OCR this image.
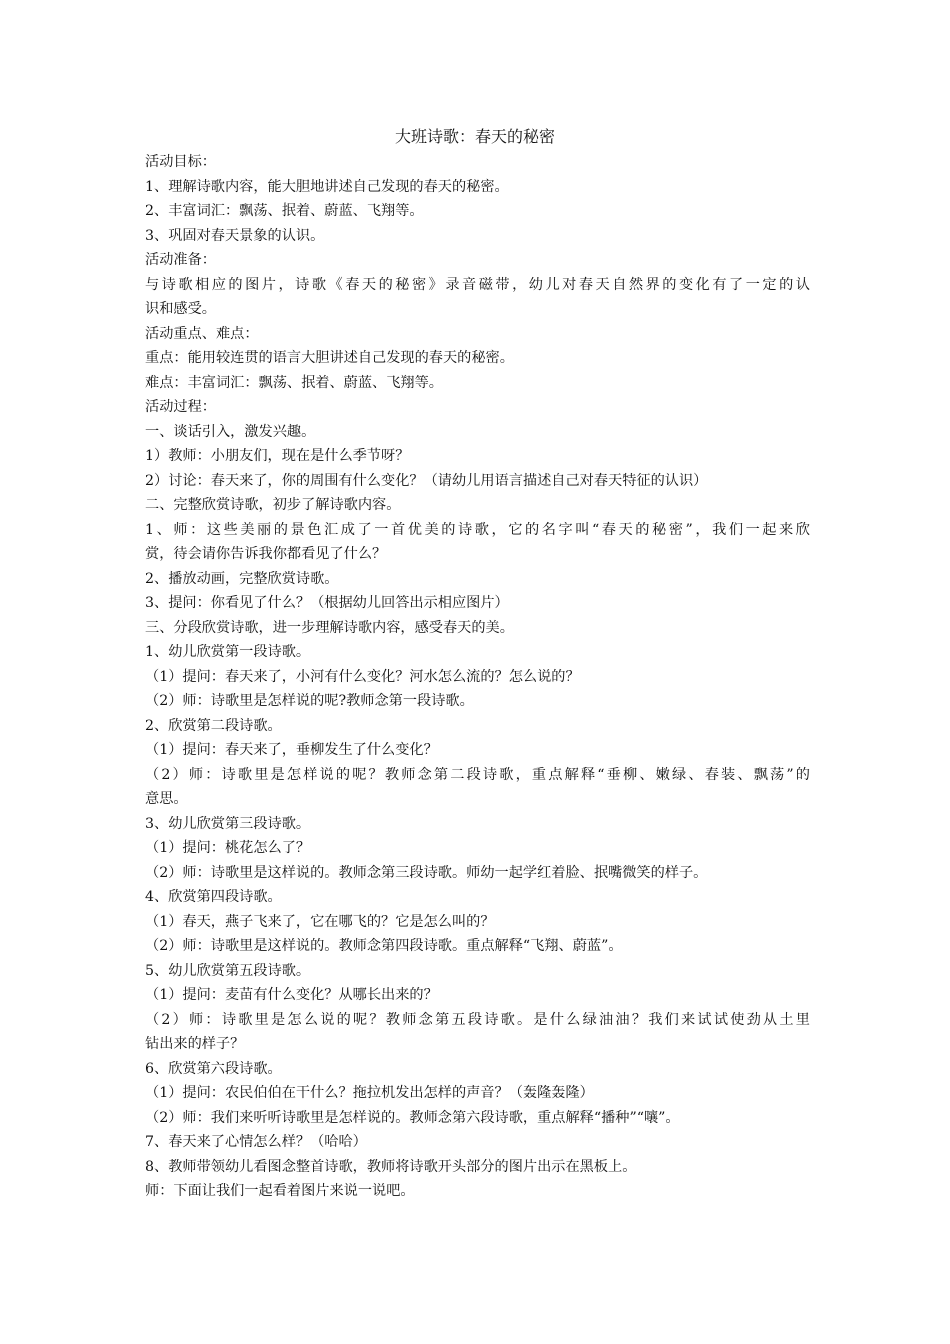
大班诗歌：春天的秘密
活动目标：
1、理解诗歌内容，能大胆地讲述自己发现的春天的秘密。
2、丰富词汇：飘荡、抿着、蔚蓝、飞翔等。
3、巩固对春天景象的认识。
活动准备：
与诗歌相应的图片，诗歌《春天的秘密》录音磁带，幼儿对春天自然界的变化有了一定的认
识和感受。
活动重点、难点：
重点：能用较连贯的语言大胆讲述自己发现的春天的秘密。
难点：丰富词汇：飘荡、抿着、蔚蓝、飞翔等。
活动过程：
一、谈话引入，激发兴趣。
1）教师：小朋友们，现在是什么季节呀？
2）讨论：春天来了，你的周围有什么变化？（请幼儿用语言描述自己对春天特征的认识）
二、完整欣赏诗歌，初步了解诗歌内容。
1、师：这些美丽的景色汇成了一首优美的诗歌，它的名字叫“春天的秘密”，我们一起来欣
赏，待会请你告诉我你都看见了什么？
2、播放动画，完整欣赏诗歌。
3、提问：你看见了什么？（根据幼儿回答出示相应图片）
三、分段欣赏诗歌，进一步理解诗歌内容，感受春天的美。
1、幼儿欣赏第一段诗歌。
（1）提问：春天来了，小河有什么变化？河水怎么流的？怎么说的？
（2）师：诗歌里是怎样说的呢?教师念第一段诗歌。
2、欣赏第二段诗歌。
（1）提问：春天来了，垂柳发生了什么变化？
（2）师：诗歌里是怎样说的呢？教师念第二段诗歌，重点解释“垂柳、嫩绿、春装、飘荡”的
意思。
3、幼儿欣赏第三段诗歌。
（1）提问：桃花怎么了？
（2）师：诗歌里是这样说的。教师念第三段诗歌。师幼一起学红着脸、抿嘴微笑的样子。
4、欣赏第四段诗歌。
（1）春天，燕子飞来了，它在哪飞的？它是怎么叫的？
（2）师：诗歌里是这样说的。教师念第四段诗歌。重点解释“飞翔、蔚蓝”。
5、幼儿欣赏第五段诗歌。
（1）提问：麦苗有什么变化？从哪长出来的？
（2）师：诗歌里是怎么说的呢？教师念第五段诗歌。是什么绿油油？我们来试试使劲从土里
钻出来的样子？
6、欣赏第六段诗歌。
（1）提问：农民伯伯在干什么？拖拉机发出怎样的声音？（轰隆轰隆）
（2）师：我们来听听诗歌里是怎样说的。教师念第六段诗歌，重点解释“播种”“嚷”。
7、春天来了心情怎么样？（哈哈）
8、教师带领幼儿看图念整首诗歌，教师将诗歌开头部分的图片出示在黑板上。
师：下面让我们一起看着图片来说一说吧。
